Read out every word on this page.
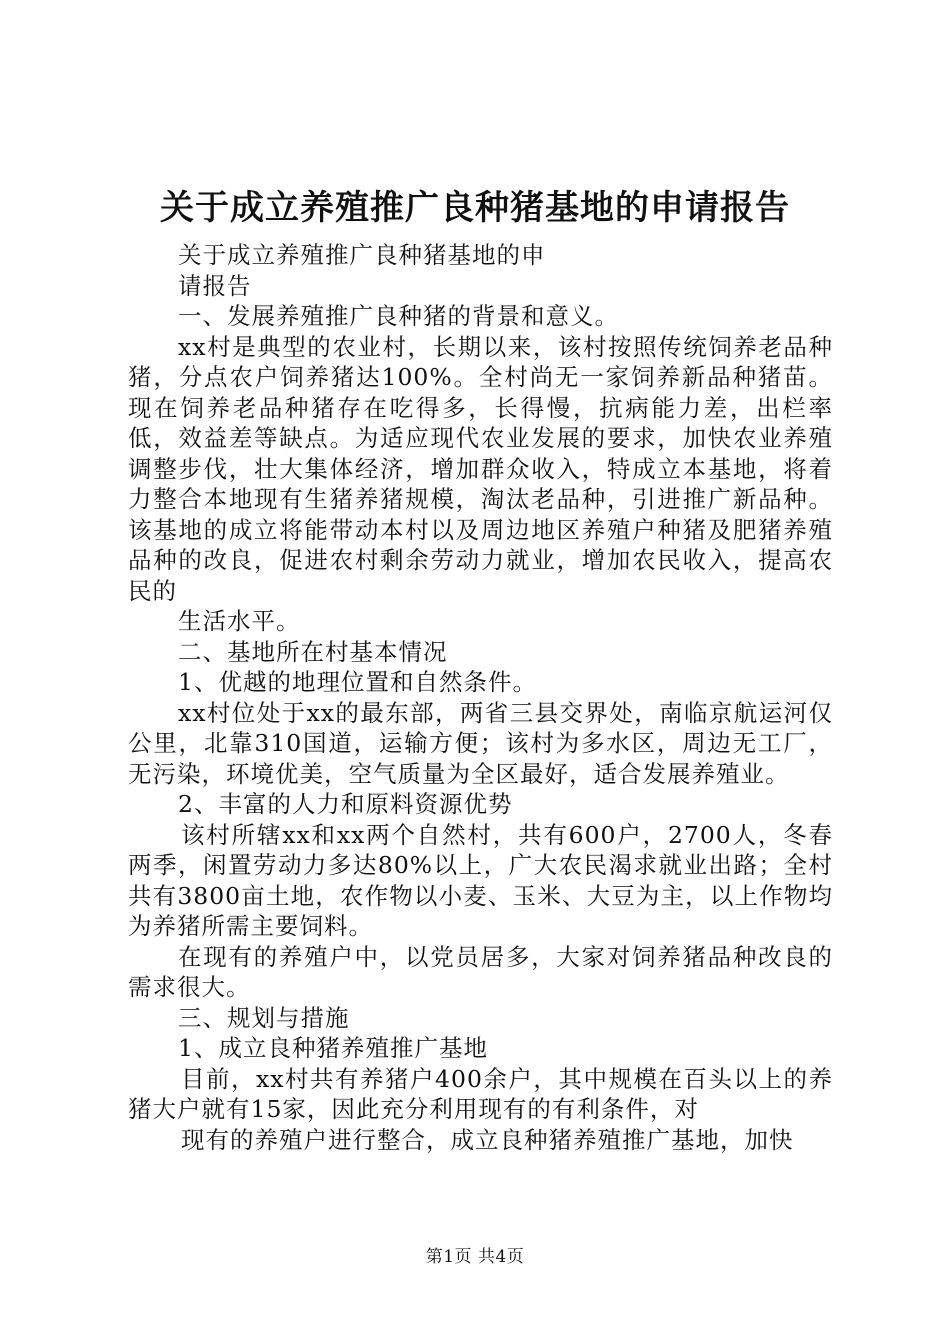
关于成立养殖推广良种猪基地的申请报告

关于成立养殖推广良种猪基地的申

请报告

一、发展养殖推广良种猪的背景和意义。

xx村是典型的农业村，长期以来，该村按照传统饲养老品种猪，分点农户饲养猪达100%。全村尚无一家饲养新品种猪苗。现在饲养老品种猪存在吃得多，长得慢，抗病能力差，出栏率低，效益差等缺点。为适应现代农业发展的要求，加快农业养殖调整步伐，壮大集体经济，增加群众收入，特成立本基地，将着力整合本地现有生猪养猪规模，淘汰老品种，引进推广新品种。该基地的成立将能带动本村以及周边地区养殖户种猪及肥猪养殖品种的改良，促进农村剩余劳动力就业，增加农民收入，提高农民的

生活水平。

二、基地所在村基本情况

1、优越的地理位置和自然条件。

xx村位处于xx的最东部，两省三县交界处，南临京航运河仅公里，北靠310国道，运输方便；该村为多水区，周边无工厂，无污染，环境优美，空气质量为全区最好，适合发展养殖业。

2、丰富的人力和原料资源优势

该村所辖xx和xx两个自然村，共有600户，2700人，冬春两季，闲置劳动力多达80%以上，广大农民渴求就业出路；全村共有3800亩土地，农作物以小麦、玉米、大豆为主，以上作物均为养猪所需主要饲料。

在现有的养殖户中，以党员居多，大家对饲养猪品种改良的需求很大。

三、规划与措施

1、成立良种猪养殖推广基地

目前，xx村共有养猪户400余户，其中规模在百头以上的养猪大户就有15家，因此充分利用现有的有利条件，对

现有的养殖户进行整合，成立良种猪养殖推广基地，加快

第1页 共4页
